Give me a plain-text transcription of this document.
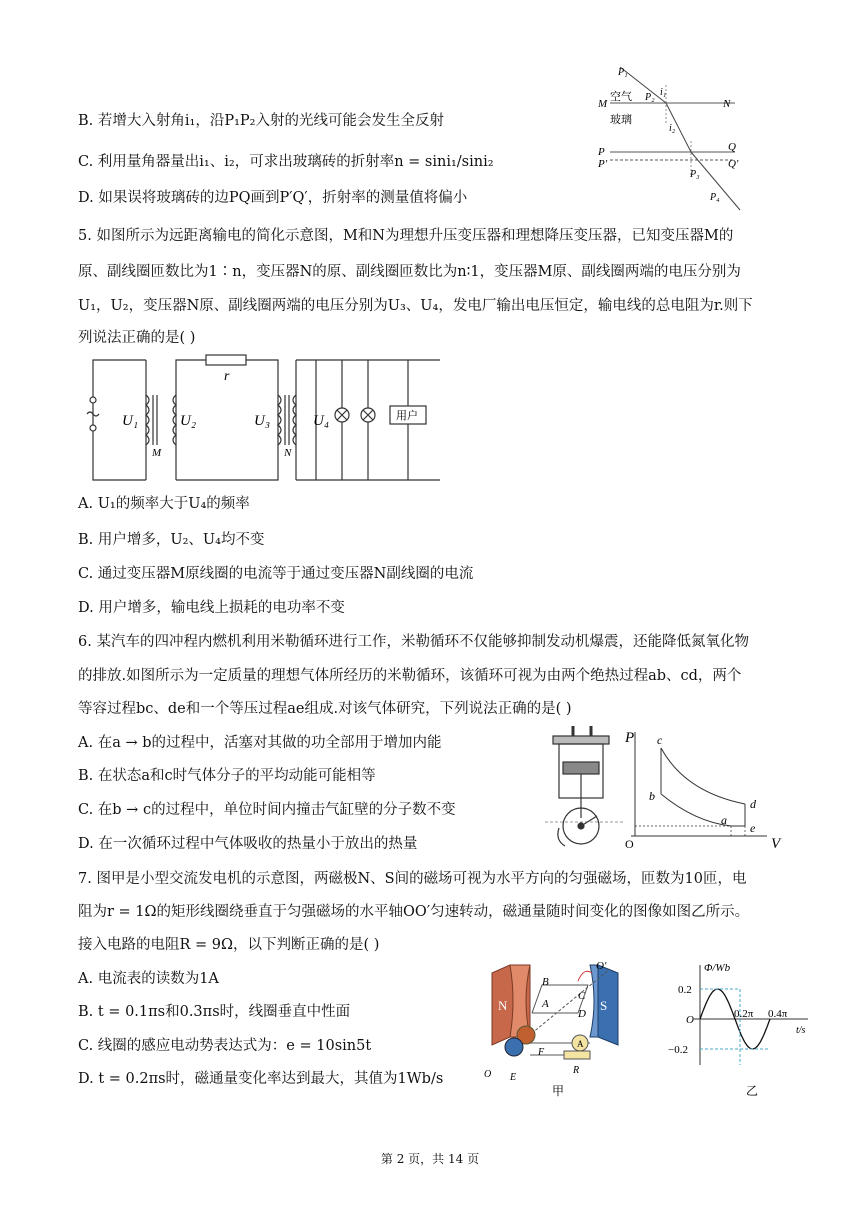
B. 若增大入射角i₁，沿P₁P₂入射的光线可能会发生全反射
C. 利用量角器量出i₁、i₂，可求出玻璃砖的折射率n = sini₁/sini₂
D. 如果误将玻璃砖的边PQ画到P′Q′，折射率的测量值将偏小
P₁
P₂ i₁
i₂
M	N
空气
玻璃
P	Q
P′	Q′
P₃
P₄
5. 如图所示为远距离输电的简化示意图，M和N为理想升压变压器和理想降压变压器，已知变压器M的
原、副线圈匝数比为1∶n，变压器N的原、副线圈匝数比为n∶1，变压器M原、副线圈两端的电压分别为
U₁，U₂，变压器N原、副线圈两端的电压分别为U₃、U₄，发电厂输出电压恒定，输电线的总电阻为r.则下
列说法正确的是( )
r
U₁	U₂
M
U₃	U₄
N
用户
A. U₁的频率大于U₄的频率
B. 用户增多，U₂、U₄均不变
C. 通过变压器M原线圈的电流等于通过变压器N副线圈的电流
D. 用户增多，输电线上损耗的电功率不变
6. 某汽车的四冲程内燃机利用米勒循环进行工作，米勒循环不仅能够抑制发动机爆震，还能降低氮氧化物
的排放.如图所示为一定质量的理想气体所经历的米勒循环，该循环可视为由两个绝热过程ab、cd，两个
等容过程bc、de和一个等压过程ae组成.对该气体研究，下列说法正确的是( )
A. 在a → b的过程中，活塞对其做的功全部用于增加内能
B. 在状态a和c时气体分子的平均动能可能相等
C. 在b → c的过程中，单位时间内撞击气缸壁的分子数不变
D. 在一次循环过程中气体吸收的热量小于放出的热量
P c
b
d
a
e
O	V
7. 图甲是小型交流发电机的示意图，两磁极N、S间的磁场可视为水平方向的匀强磁场，匝数为10匝，电
阻为r = 1Ω的矩形线圈绕垂直于匀强磁场的水平轴OO′匀速转动，磁通量随时间变化的图像如图乙所示。
接入电路的电阻R = 9Ω，以下判断正确的是( )
A. 电流表的读数为1A
B. t = 0.1πs和0.3πs时，线圈垂直中性面
C. 线圈的感应电动势表达式为：e = 10sin5t
D. t = 0.2πs时，磁通量变化率达到最大，其值为1Wb/s
O′
B
A
C
D
N	S
F
A
O E
R
甲
Φ/Wb
0.2
O	0.2π 0.4π
t/s
−0.2
乙
第 2 页，共 14 页
